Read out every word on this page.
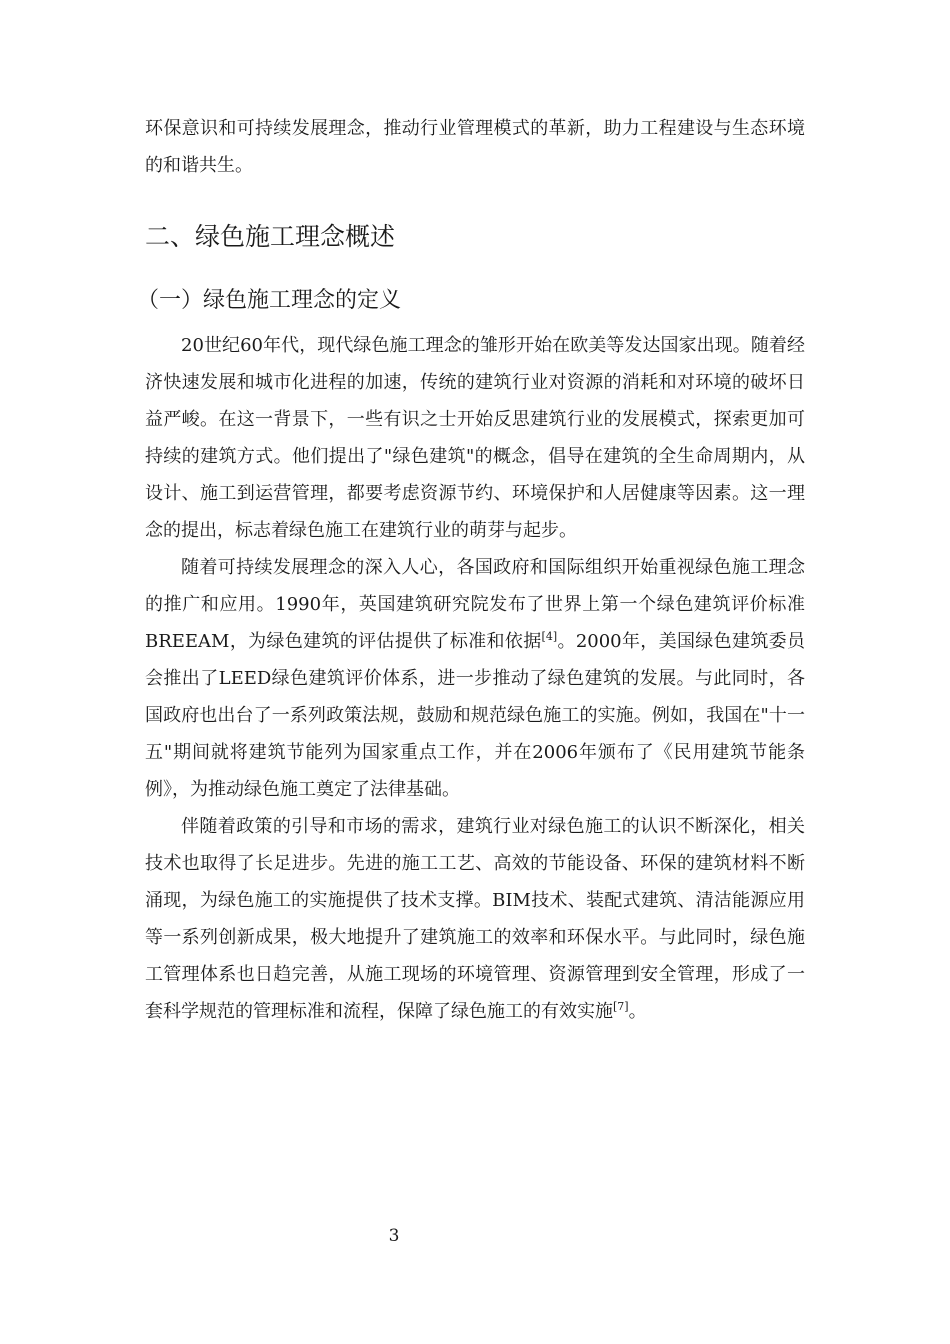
环保意识和可持续发展理念，推动行业管理模式的革新，助力工程建设与生态环境的和谐共生。

二、绿色施工理念概述
（一）绿色施工理念的定义

20世纪60年代，现代绿色施工理念的雏形开始在欧美等发达国家出现。随着经济快速发展和城市化进程的加速，传统的建筑行业对资源的消耗和对环境的破坏日益严峻。在这一背景下，一些有识之士开始反思建筑行业的发展模式，探索更加可持续的建筑方式。他们提出了"绿色建筑"的概念，倡导在建筑的全生命周期内，从设计、施工到运营管理，都要考虑资源节约、环境保护和人居健康等因素。这一理念的提出，标志着绿色施工在建筑行业的萌芽与起步。

随着可持续发展理念的深入人心，各国政府和国际组织开始重视绿色施工理念的推广和应用。1990年，英国建筑研究院发布了世界上第一个绿色建筑评价标准BREEAM，为绿色建筑的评估提供了标准和依据[4]。2000年，美国绿色建筑委员会推出了LEED绿色建筑评价体系，进一步推动了绿色建筑的发展。与此同时，各国政府也出台了一系列政策法规，鼓励和规范绿色施工的实施。例如，我国在"十一五"期间就将建筑节能列为国家重点工作，并在2006年颁布了《民用建筑节能条例》，为推动绿色施工奠定了法律基础。

伴随着政策的引导和市场的需求，建筑行业对绿色施工的认识不断深化，相关技术也取得了长足进步。先进的施工工艺、高效的节能设备、环保的建筑材料不断涌现，为绿色施工的实施提供了技术支撑。BIM技术、装配式建筑、清洁能源应用等一系列创新成果，极大地提升了建筑施工的效率和环保水平。与此同时，绿色施工管理体系也日趋完善，从施工现场的环境管理、资源管理到安全管理，形成了一套科学规范的管理标准和流程，保障了绿色施工的有效实施[7]。

3
